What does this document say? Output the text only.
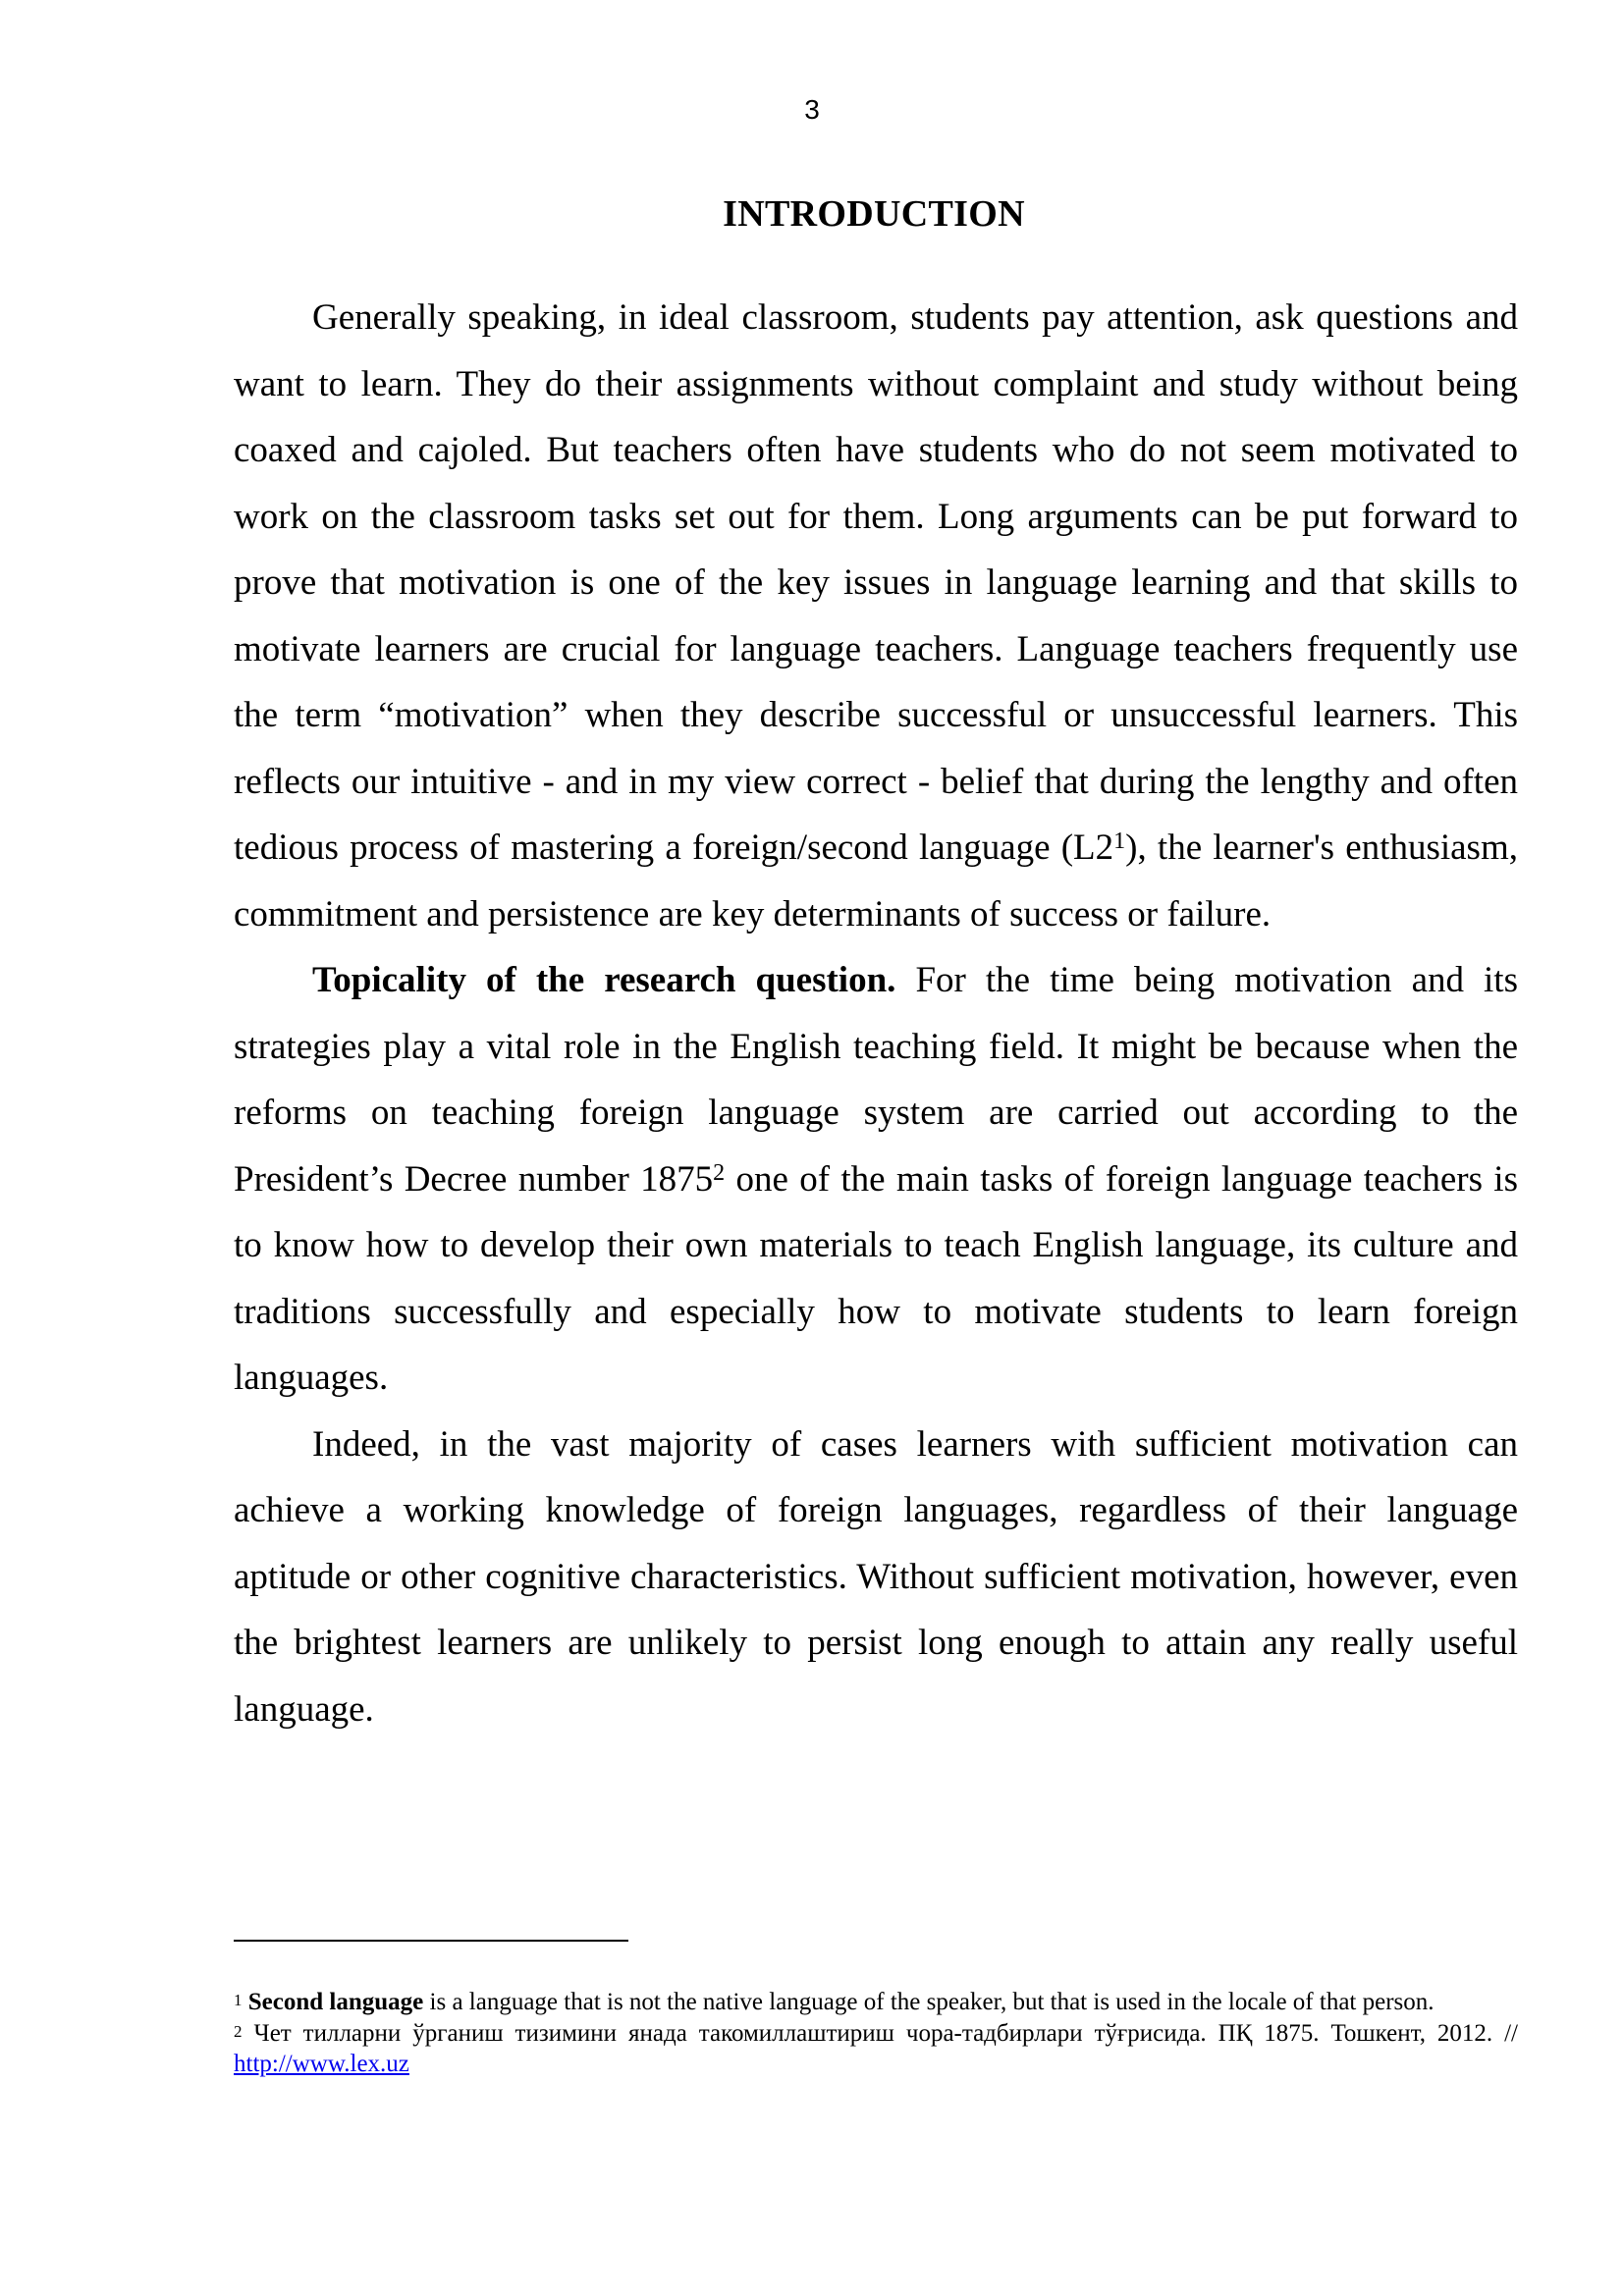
3
INTRODUCTION

Generally speaking, in ideal classroom, students pay attention, ask questions and want to learn. They do their assignments without complaint and study without being coaxed and cajoled. But teachers often have students who do not seem motivated to work on the classroom tasks set out for them. Long arguments can be put forward to prove that motivation is one of the key issues in language learning and that skills to motivate learners are crucial for language teachers. Language teachers frequently use the term “motivation” when they describe successful or unsuccessful learners. This reflects our intuitive - and in my view correct - belief that during the lengthy and often tedious process of mastering a foreign/second language $(L2^1)$, the learner's enthusiasm, commitment and persistence are key determinants of success or failure.

Topicality of the research question. For the time being motivation and its strategies play a vital role in the English teaching field. It might be because when the reforms on teaching foreign language system are carried out according to the President’s Decree number 1875$^2$ one of the main tasks of foreign language teachers is to know how to develop their own materials to teach English language, its culture and traditions successfully and especially how to motivate students to learn foreign languages.

Indeed, in the vast majority of cases learners with sufficient motivation can achieve a working knowledge of foreign languages, regardless of their language aptitude or other cognitive characteristics. Without sufficient motivation, however, even the brightest learners are unlikely to persist long enough to attain any really useful language.

$^1$ Second language is a language that is not the native language of the speaker, but that is used in the locale of that person.

$^2$ Чет тилларни ўрганиш тизимини янада такомиллаштириш чора-тадбирлари тўғрисида. ПҚ 1875. Тошкент, 2012. // http://www.lex.uz
